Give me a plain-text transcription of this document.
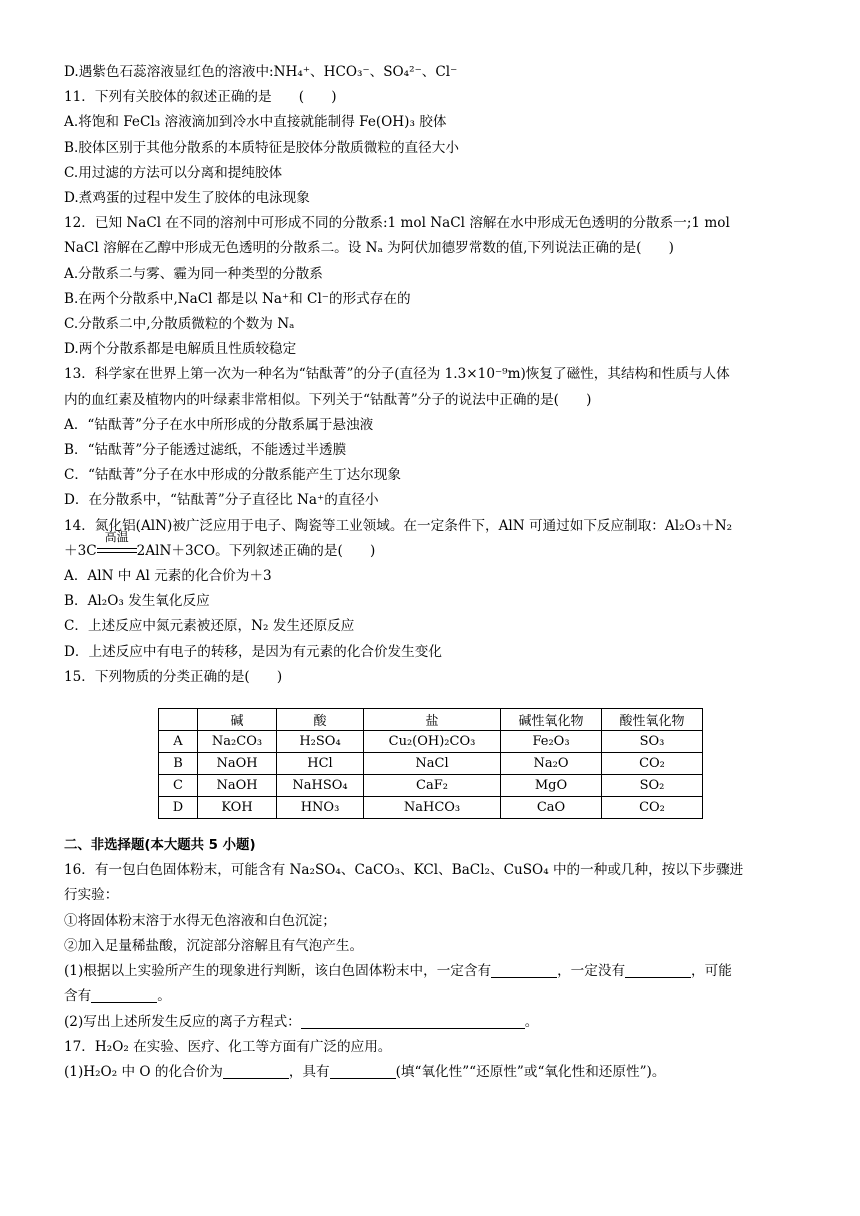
D.遇紫色石蕊溶液显红色的溶液中:NH₄⁺、HCO₃⁻、SO₄²⁻、Cl⁻

11．下列有关胶体的叙述正确的是　　(　　)

A.将饱和 FeCl₃ 溶液滴加到冷水中直接就能制得 Fe(OH)₃ 胶体

B.胶体区别于其他分散系的本质特征是胶体分散质微粒的直径大小

C.用过滤的方法可以分离和提纯胶体

D.煮鸡蛋的过程中发生了胶体的电泳现象

12．已知 NaCl 在不同的溶剂中可形成不同的分散系:1 mol NaCl 溶解在水中形成无色透明的分散系一;1 mol

NaCl 溶解在乙醇中形成无色透明的分散系二。设 Nₐ 为阿伏加德罗常数的值,下列说法正确的是(　　)

A.分散系二与雾、霾为同一种类型的分散系

B.在两个分散系中,NaCl 都是以 Na⁺和 Cl⁻的形式存在的

C.分散系二中,分散质微粒的个数为 Nₐ

D.两个分散系都是电解质且性质较稳定

13．科学家在世界上第一次为一种名为“钴酞菁”的分子(直径为 1.3×10⁻⁹m)恢复了磁性，其结构和性质与人体

内的血红素及植物内的叶绿素非常相似。下列关于“钴酞菁”分子的说法中正确的是(　　)

A．“钴酞菁”分子在水中所形成的分散系属于悬浊液

B．“钴酞菁”分子能透过滤纸，不能透过半透膜

C．“钴酞菁”分子在水中形成的分散系能产生丁达尔现象

D．在分散系中，“钴酞菁”分子直径比 Na⁺的直径小

14．氮化铝(AlN)被广泛应用于电子、陶瓷等工业领域。在一定条件下，AlN 可通过如下反应制取：Al₂O₃＋N₂

＋3C
高温
2AlN＋3CO。下列叙述正确的是(　　)

A．AlN 中 Al 元素的化合价为＋3

B．Al₂O₃ 发生氧化反应

C．上述反应中氮元素被还原，N₂ 发生还原反应

D．上述反应中有电子的转移，是因为有元素的化合价发生变化

15．下列物质的分类正确的是(　　)

	碱	酸	盐	碱性氧化物	酸性氧化物
A	Na₂CO₃	H₂SO₄	Cu₂(OH)₂CO₃	Fe₂O₃	SO₃
B	NaOH	HCl	NaCl	Na₂O	CO₂
C	NaOH	NaHSO₄	CaF₂	MgO	SO₂
D	KOH	HNO₃	NaHCO₃	CaO	CO₂

二、非选择题(本大题共 5 小题)

16．有一包白色固体粉末，可能含有 Na₂SO₄、CaCO₃、KCl、BaCl₂、CuSO₄ 中的一种或几种，按以下步骤进

行实验：

①将固体粉末溶于水得无色溶液和白色沉淀；

②加入足量稀盐酸，沉淀部分溶解且有气泡产生。

(1)根据以上实验所产生的现象进行判断，该白色固体粉末中，一定含有	，一定没有	，可能

含有	。

(2)写出上述所发生反应的离子方程式：	。

17．H₂O₂ 在实验、医疗、化工等方面有广泛的应用。

(1)H₂O₂ 中 O 的化合价为	，具有	(填“氧化性”“还原性”或“氧化性和还原性”)。
